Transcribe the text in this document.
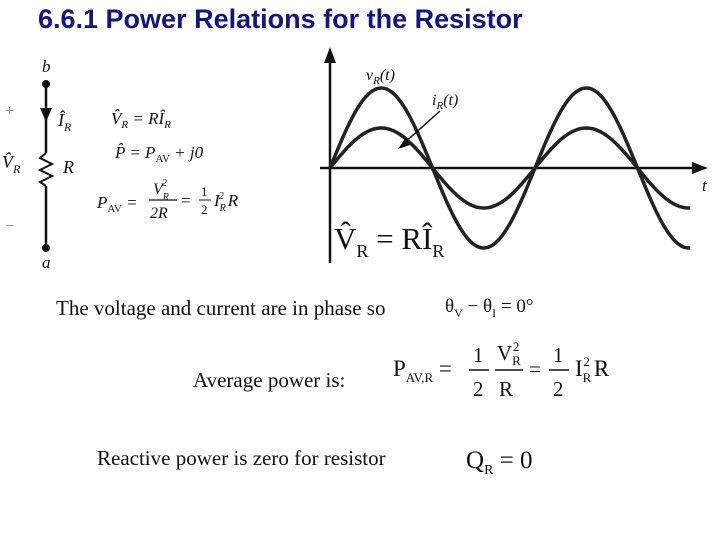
6.6.1 Power Relations for the Resistor
b
a
+
−
$Î_R$
$V̂_R$ R
$V̂_R$ = $RÎ_R$
P̂ = $P_{AV} + j0$
$P_{AV}$ =
$V_R2$
2R
= 1
2 $I_R2$ R
$v_R(t)$
$i_R(t)$
t
$V̂_R$ = $RÎ_R$
The voltage and current are in phase so	$\theta_V - \theta_I = 0^\circ$
Average power is: $P_{AV,R}$ =
1
2
$V_R2$
R
=
1
2
$I_R2$ R
Reactive power is zero for resistor	$Q_R = 0$
